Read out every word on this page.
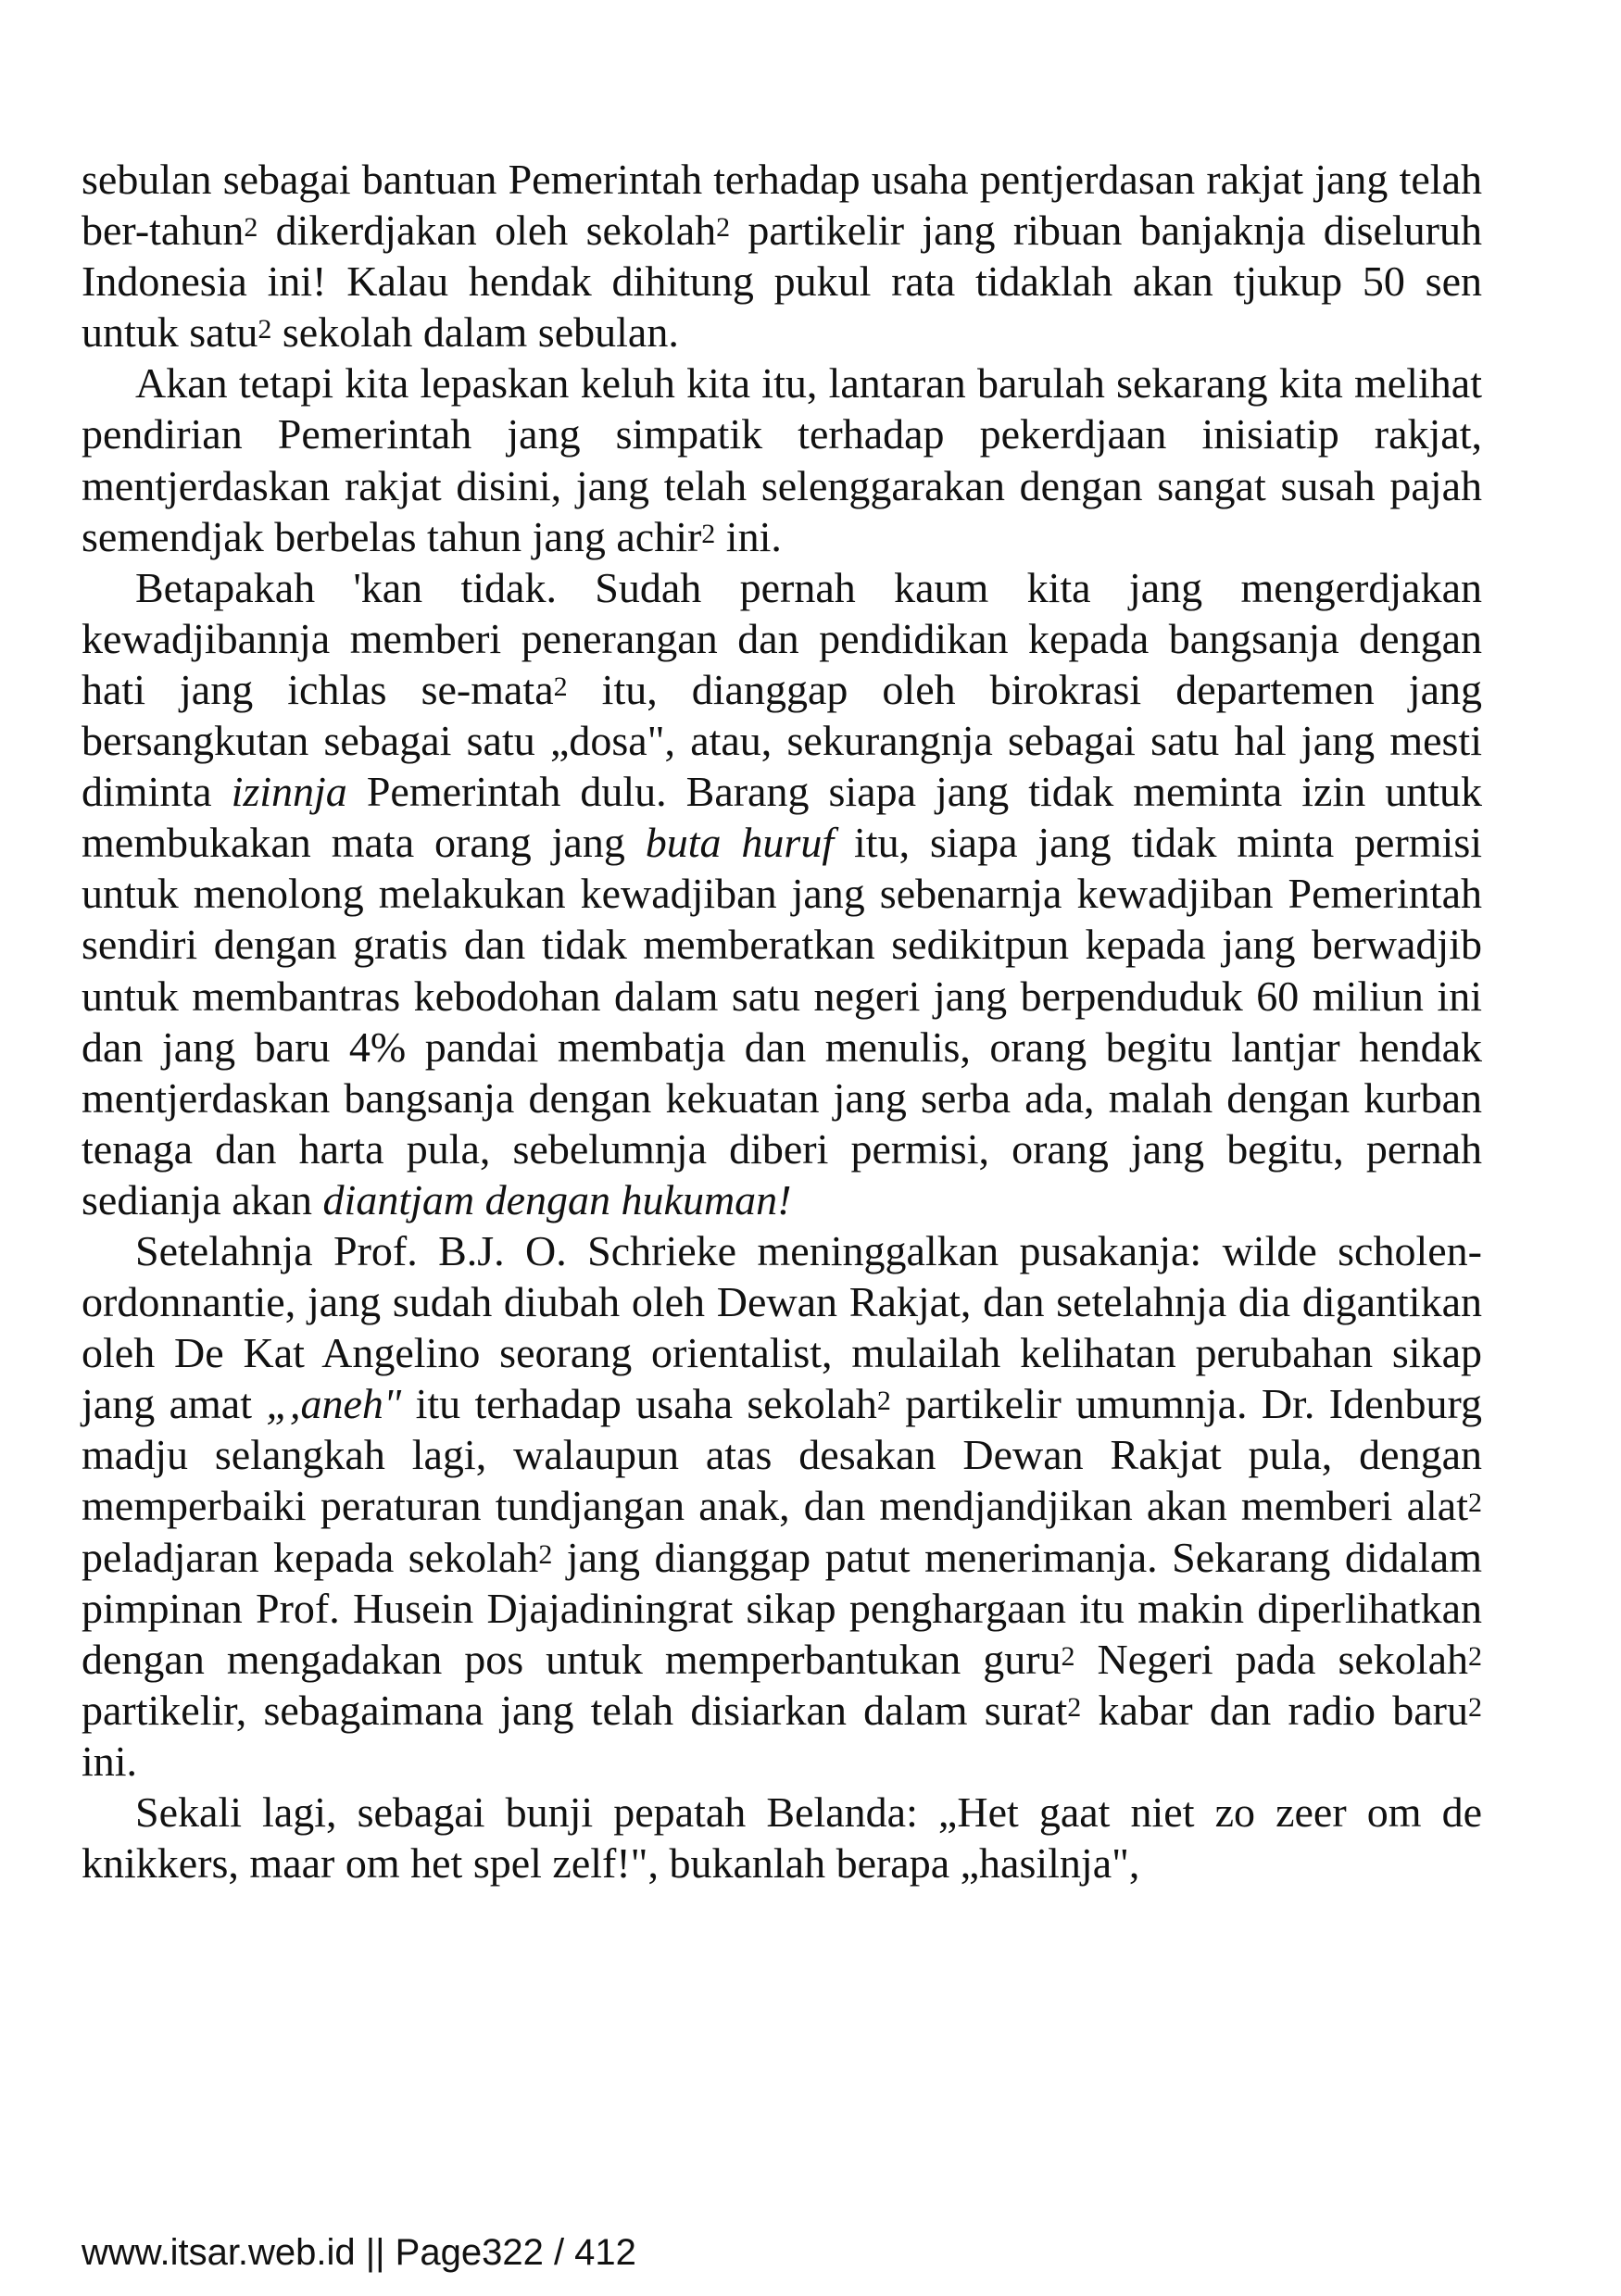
sebulan sebagai bantuan Pemerintah terhadap usaha pentjerdasan rakjat jang telah ber-tahun$^2$ dikerdjakan oleh sekolah$^2$ partikelir jang ribuan banjaknja diseluruh Indonesia ini! Kalau hendak dihitung pukul rata tidaklah akan tjukup 50 sen untuk satu$^2$ sekolah dalam sebulan.

Akan tetapi kita lepaskan keluh kita itu, lantaran barulah sekarang kita melihat pendirian Pemerintah jang simpatik terhadap pekerdjaan inisiatip rakjat, mentjerdaskan rakjat disini, jang telah selenggarakan dengan sangat susah pajah semendjak berbelas tahun jang achir$^2$ ini.

Betapakah 'kan tidak. Sudah pernah kaum kita jang mengerdjakan kewadjibannja memberi penerangan dan pendidikan kepada bangsanja dengan hati jang ichlas se-mata$^2$ itu, dianggap oleh birokrasi departemen jang bersangkutan sebagai satu „dosa", atau, sekurangnja sebagai satu hal jang mesti diminta izinnja Pemerintah dulu. Barang siapa jang tidak meminta izin untuk membukakan mata orang jang buta huruf itu, siapa jang tidak minta permisi untuk menolong melakukan kewadjiban jang sebenarnja kewadjiban Pemerintah sendiri dengan gratis dan tidak memberatkan sedikitpun kepada jang berwadjib untuk membantras kebodohan dalam satu negeri jang berpenduduk 60 miliun ini dan jang baru 4% pandai membatja dan menulis, orang begitu lantjar hendak mentjerdaskan bangsanja dengan kekuatan jang serba ada, malah dengan kurban tenaga dan harta pula, sebelumnja diberi permisi, orang jang begitu, pernah sedianja akan diantjam dengan hukuman!

Setelahnja Prof. B.J. O. Schrieke meninggalkan pusakanja: wilde scholen-ordonnantie, jang sudah diubah oleh Dewan Rakjat, dan setelahnja dia digantikan oleh De Kat Angelino seorang orientalist, mulailah kelihatan perubahan sikap jang amat „,aneh" itu terhadap usaha sekolah$^2$ partikelir umumnja. Dr. Idenburg madju selangkah lagi, walaupun atas desakan Dewan Rakjat pula, dengan memperbaiki peraturan tundjangan anak, dan mendjandjikan akan memberi alat$^2$ peladjaran kepada sekolah$^2$ jang dianggap patut menerimanja. Sekarang didalam pimpinan Prof. Husein Djajadiningrat sikap penghargaan itu makin diperlihatkan dengan mengadakan pos untuk memperbantukan guru$^2$ Negeri pada sekolah$^2$ partikelir, sebagaimana jang telah disiarkan dalam surat$^2$ kabar dan radio baru$^2$ ini.

Sekali lagi, sebagai bunji pepatah Belanda: „Het gaat niet zo zeer om de knikkers, maar om het spel zelf!", bukanlah berapa „hasilnja",

www.itsar.web.id || Page322 / 412
